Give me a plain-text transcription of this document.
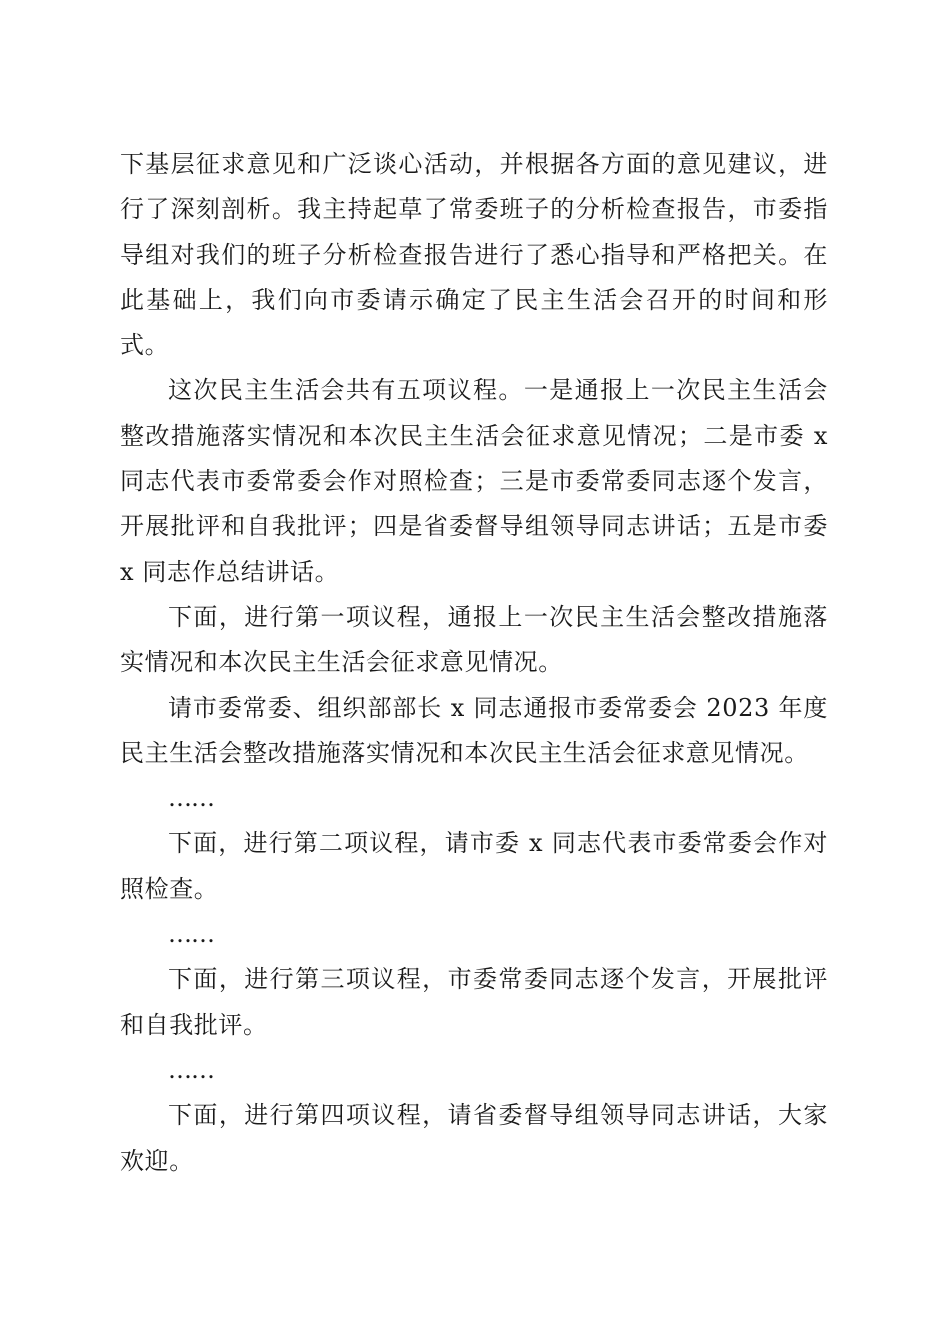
下基层征求意见和广泛谈心活动，并根据各方面的意见建议，进行了深刻剖析。我主持起草了常委班子的分析检查报告，市委指导组对我们的班子分析检查报告进行了悉心指导和严格把关。在此基础上，我们向市委请示确定了民主生活会召开的时间和形式。

这次民主生活会共有五项议程。一是通报上一次民主生活会整改措施落实情况和本次民主生活会征求意见情况；二是市委 x 同志代表市委常委会作对照检查；三是市委常委同志逐个发言，开展批评和自我批评；四是省委督导组领导同志讲话；五是市委 x 同志作总结讲话。

下面，进行第一项议程，通报上一次民主生活会整改措施落实情况和本次民主生活会征求意见情况。

请市委常委、组织部部长 x 同志通报市委常委会 2023 年度民主生活会整改措施落实情况和本次民主生活会征求意见情况。

……

下面，进行第二项议程，请市委 x 同志代表市委常委会作对照检查。

……

下面，进行第三项议程，市委常委同志逐个发言，开展批评和自我批评。

……

下面，进行第四项议程，请省委督导组领导同志讲话，大家欢迎。
